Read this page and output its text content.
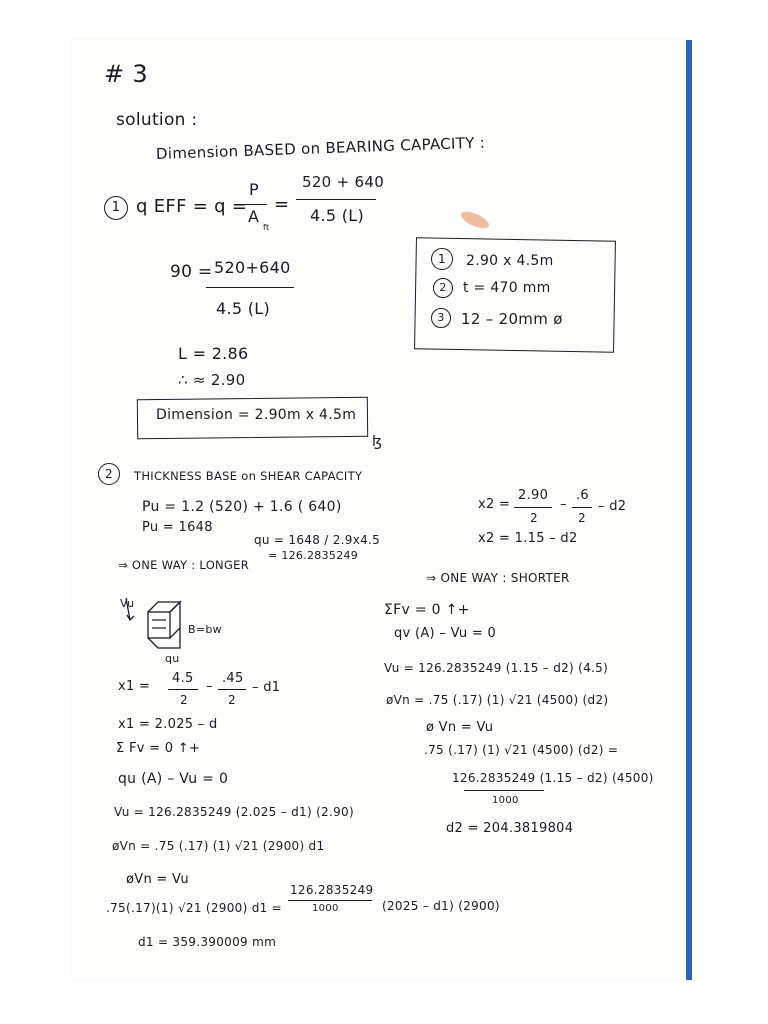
# 3
solution :
Dimension BASED on BEARING CAPACITY :
1 q EFF = q =
P
A
ft
=
520 + 640
4.5 (L)
90 = 520+640
4.5 (L)
L = 2.86
∴ ≈ 2.90
Dimension = 2.90m x 4.5m
ɮ
1	2.90 x 4.5m
2	t = 470 mm
3	12 – 20mm ø
2	THICKNESS BASE on SHEAR CAPACITY
Pu = 1.2 (520) + 1.6 ( 640)
Pu = 1648
qu = 1648 / 2.9x4.5
= 126.2835249
⇒ ONE WAY : LONGER
Vu
B=bw
qu
x1 =
4.5
2
–
.45
2
– d1
x1 = 2.025 – d
Σ Fv = 0 ↑+
qu (A) – Vu = 0
Vu = 126.2835249 (2.025 – d1) (2.90)
øVn = .75 (.17) (1) √21 (2900) d1
øVn = Vu
.75(.17)(1) √21 (2900) d1 =
126.2835249
1000	(2025 – d1) (2900)
d1 = 359.390009 mm
x2 =
2.90
2
–
.6
2
– d2
x2 = 1.15 – d2
⇒ ONE WAY : SHORTER
ΣFv = 0 ↑+
qv (A) – Vu = 0
Vu = 126.2835249 (1.15 – d2) (4.5)
øVn = .75 (.17) (1) √21 (4500) (d2)
ø Vn = Vu
.75 (.17) (1) √21 (4500) (d2) =
126.2835249 (1.15 – d2) (4500)
1000
d2 = 204.3819804
